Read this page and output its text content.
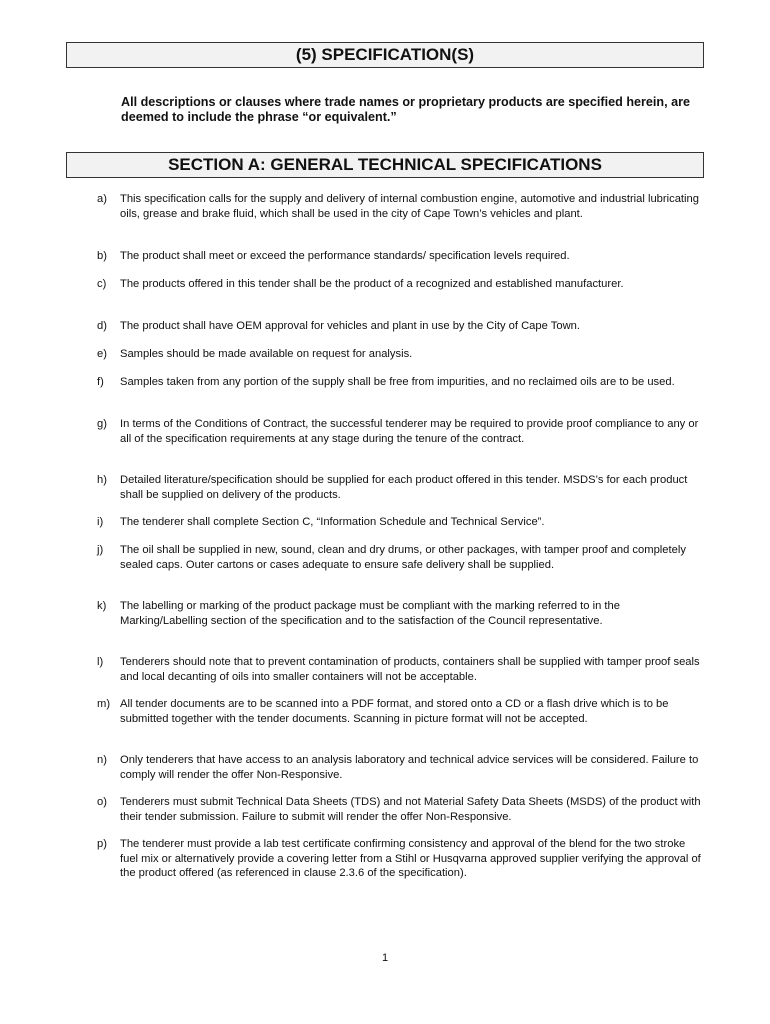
(5) SPECIFICATION(S)
All descriptions or clauses where trade names or proprietary products are specified herein, are deemed to include the phrase “or equivalent.”
SECTION A: GENERAL TECHNICAL SPECIFICATIONS
a)	This specification calls for the supply and delivery of internal combustion engine, automotive and industrial lubricating oils, grease and brake fluid, which shall be used in the city of Cape Town’s vehicles and plant.
b)	The product shall meet or exceed the performance standards/ specification levels required.
c)	The products offered in this tender shall be the product of a recognized and established manufacturer.
d)	The product shall have OEM approval for vehicles and plant in use by the City of Cape Town.
e)	Samples should be made available on request for analysis.
f)	Samples taken from any portion of the supply shall be free from impurities, and no reclaimed oils are to be used.
g)	In terms of the Conditions of Contract, the successful tenderer may be required to provide proof compliance to any or all of the specification requirements at any stage during the tenure of the contract.
h)	Detailed literature/specification should be supplied for each product offered in this tender. MSDS’s for each product shall be supplied on delivery of the products.
i)	The tenderer shall complete Section C, “Information Schedule and Technical Service”.
j)	The oil shall be supplied in new, sound, clean and dry drums, or other packages, with tamper proof and completely sealed caps. Outer cartons or cases adequate to ensure safe delivery shall be supplied.
k)	The labelling or marking of the product package must be compliant with the marking referred to in the Marking/Labelling section of the specification and to the satisfaction of the Council representative.
l)	Tenderers should note that to prevent contamination of products, containers shall be supplied with tamper proof seals and local decanting of oils into smaller containers will not be acceptable.
m) All tender documents are to be scanned into a PDF format, and stored onto a CD or a flash drive which is to be submitted together with the tender documents. Scanning in picture format will not be accepted.
n)	Only tenderers that have access to an analysis laboratory and technical advice services will be considered. Failure to comply will render the offer Non-Responsive.
o)	Tenderers must submit Technical Data Sheets (TDS) and not Material Safety Data Sheets (MSDS) of the product with their tender submission. Failure to submit will render the offer Non-Responsive.
p)	The tenderer must provide a lab test certificate confirming consistency and approval of the blend for the two stroke fuel mix or alternatively provide a covering letter from a Stihl or Husqvarna approved supplier verifying the approval of the product offered (as referenced in clause 2.3.6 of the specification).
1
